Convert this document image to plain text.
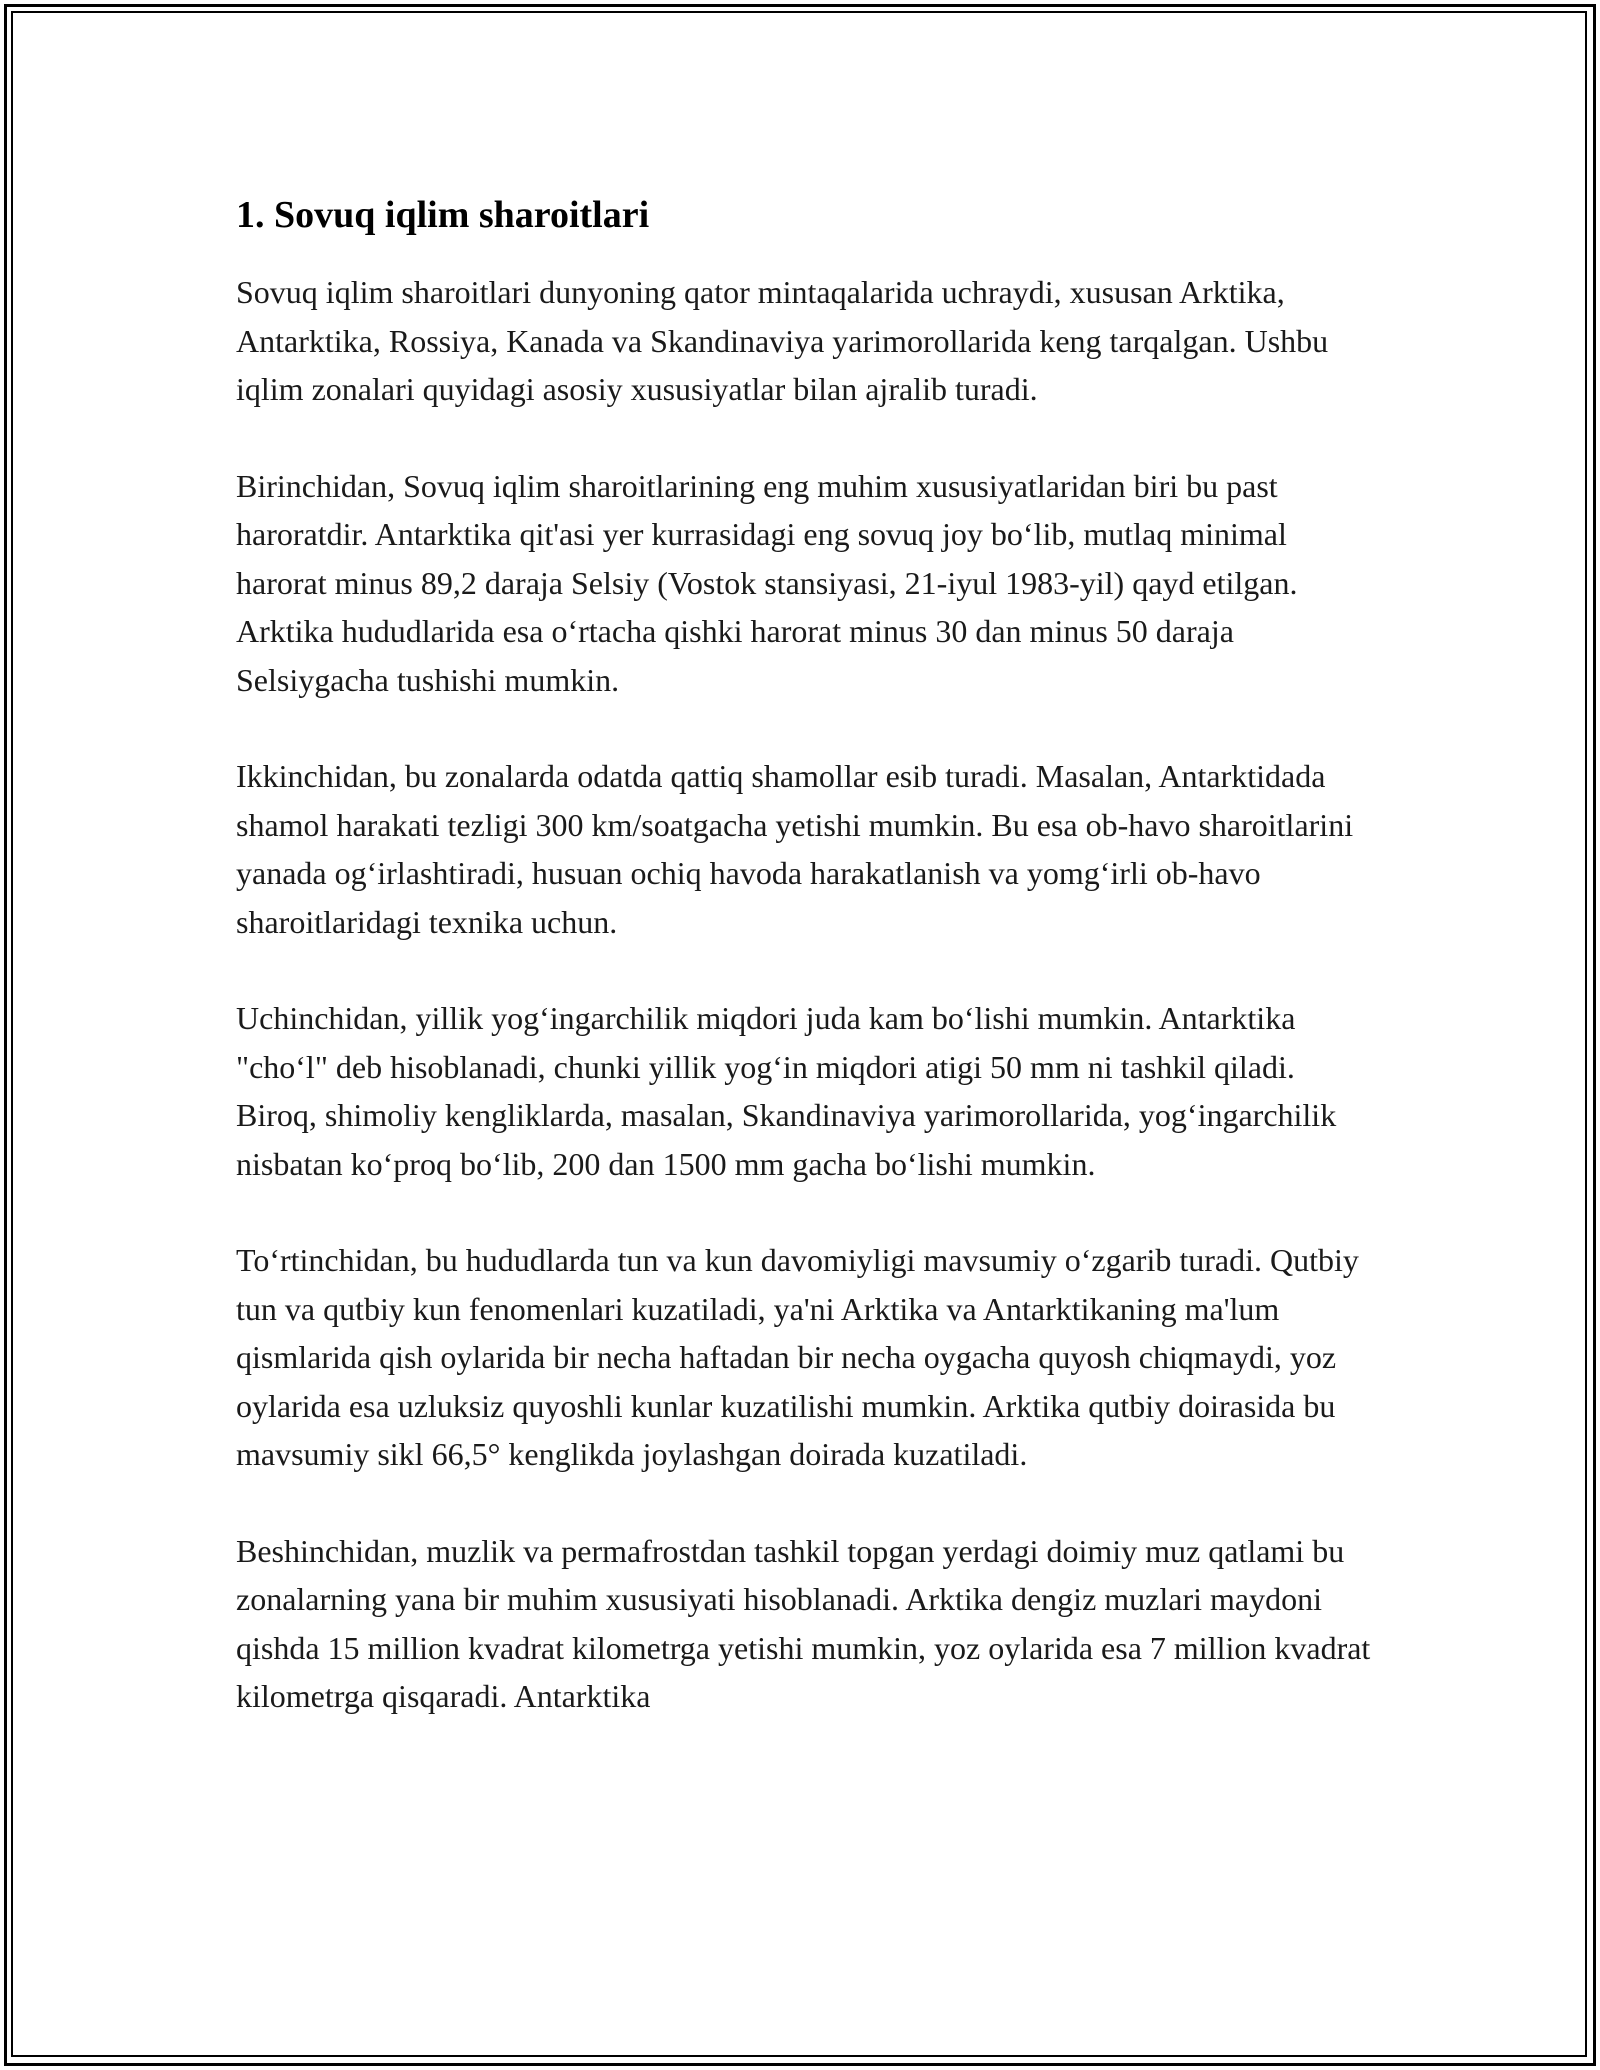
1. Sovuq iqlim sharoitlari

Sovuq iqlim sharoitlari dunyoning qator mintaqalarida uchraydi, xususan Arktika, Antarktika, Rossiya, Kanada va Skandinaviya yarimorollarida keng tarqalgan. Ushbu iqlim zonalari quyidagi asosiy xususiyatlar bilan ajralib turadi.

Birinchidan, Sovuq iqlim sharoitlarining eng muhim xususiyatlaridan biri bu past haroratdir. Antarktika qit'asi yer kurrasidagi eng sovuq joy bo‘lib, mutlaq minimal harorat minus 89,2 daraja Selsiy (Vostok stansiyasi, 21-iyul 1983-yil) qayd etilgan. Arktika hududlarida esa o‘rtacha qishki harorat minus 30 dan minus 50 daraja Selsiygacha tushishi mumkin.

Ikkinchidan, bu zonalarda odatda qattiq shamollar esib turadi. Masalan, Antarktidada shamol harakati tezligi 300 km/soatgacha yetishi mumkin. Bu esa ob-havo sharoitlarini yanada og‘irlashtiradi, husuan ochiq havoda harakatlanish va yomg‘irli ob-havo sharoitlaridagi texnika uchun.

Uchinchidan, yillik yog‘ingarchilik miqdori juda kam bo‘lishi mumkin. Antarktika "cho‘l" deb hisoblanadi, chunki yillik yog‘in miqdori atigi 50 mm ni tashkil qiladi. Biroq, shimoliy kengliklarda, masalan, Skandinaviya yarimorollarida, yog‘ingarchilik nisbatan ko‘proq bo‘lib, 200 dan 1500 mm gacha bo‘lishi mumkin.

To‘rtinchidan, bu hududlarda tun va kun davomiyligi mavsumiy o‘zgarib turadi. Qutbiy tun va qutbiy kun fenomenlari kuzatiladi, ya'ni Arktika va Antarktikaning ma'lum qismlarida qish oylarida bir necha haftadan bir necha oygacha quyosh chiqmaydi, yoz oylarida esa uzluksiz quyoshli kunlar kuzatilishi mumkin. Arktika qutbiy doirasida bu mavsumiy sikl 66,5° kenglikda joylashgan doirada kuzatiladi.

Beshinchidan, muzlik va permafrostdan tashkil topgan yerdagi doimiy muz qatlami bu zonalarning yana bir muhim xususiyati hisoblanadi. Arktika dengiz muzlari maydoni qishda 15 million kvadrat kilometrga yetishi mumkin, yoz oylarida esa 7 million kvadrat kilometrga qisqaradi. Antarktika
